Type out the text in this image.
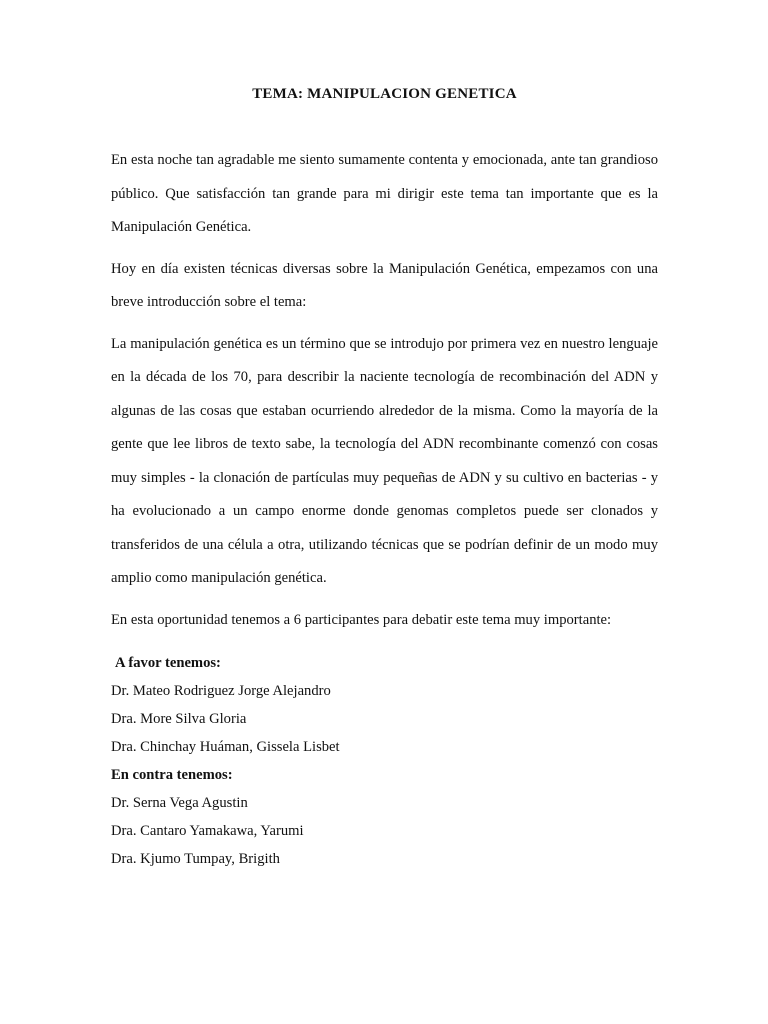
TEMA: MANIPULACION GENETICA

En esta noche tan agradable me siento sumamente contenta y emocionada, ante tan grandioso público. Que satisfacción tan grande para mi dirigir este tema tan importante que es la Manipulación Genética.

Hoy en día existen técnicas diversas sobre la Manipulación Genética, empezamos con una breve introducción sobre el tema:

La manipulación genética es un término que se introdujo por primera vez en nuestro lenguaje en la década de los 70, para describir la naciente tecnología de recombinación del ADN y algunas de las cosas que estaban ocurriendo alrededor de la misma. Como la mayoría de la gente que lee libros de texto sabe, la tecnología del ADN recombinante comenzó con cosas muy simples - la clonación de partículas muy pequeñas de ADN y su cultivo en bacterias - y ha evolucionado a un campo enorme donde genomas completos puede ser clonados y transferidos de una célula a otra, utilizando técnicas que se podrían definir de un modo muy amplio como manipulación genética.

En esta oportunidad tenemos a 6 participantes para debatir este tema muy importante:

A favor tenemos:
Dr. Mateo Rodriguez Jorge Alejandro
Dra. More Silva Gloria
Dra. Chinchay Huáman, Gissela Lisbet
En contra tenemos:
Dr. Serna Vega Agustin
Dra. Cantaro Yamakawa, Yarumi
Dra. Kjumo Tumpay, Brigith
